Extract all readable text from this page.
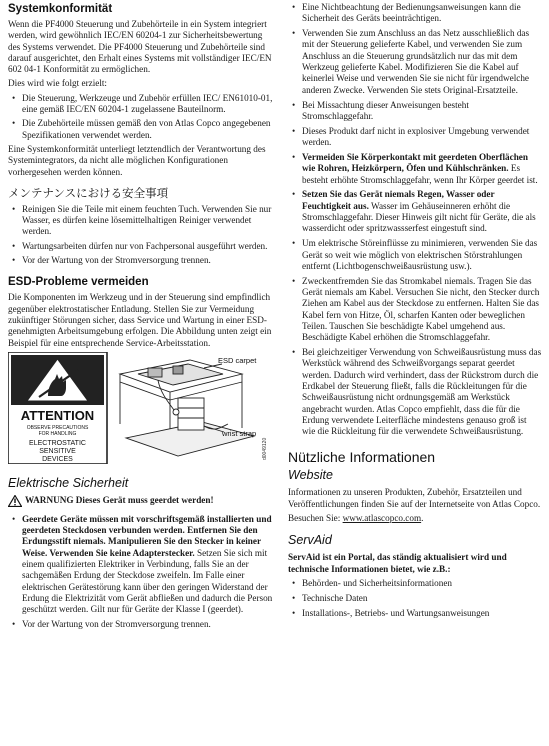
Systemkonformität

Wenn die PF4000 Steuerung und Zubehörteile in ein System integriert werden, wird gewöhnlich IEC/EN 60204-1 zur Sicherheitsbewertung des Systems verwendet. Die PF4000 Steuerung und Zubehörteile sind darauf ausgerichtet, den Erhalt eines Systems mit vollständiger IEC/EN 602 04-1 Konformität zu ermöglichen.

Dies wird wie folgt erzielt:

• Die Steuerung, Werkzeuge und Zubehör erfüllen IEC/ EN61010-01, eine gemäß IEC/EN 60204-1 zugelassene Bauteilnorm.
• Die Zubehörteile müssen gemäß den von Atlas Copco angegebenen Spezifikationen verwendet werden.

Eine Systemkonformität unterliegt letztendlich der Verantwortung des Systemintegrators, da nicht alle möglichen Konfigurationen vorhergesehen werden können.

メンテナンスにおける安全事項
• Reinigen Sie die Teile mit einem feuchten Tuch. Verwenden Sie nur Wasser, es dürfen keine lösemittelhaltigen Reiniger verwendet werden.
• Wartungsarbeiten dürfen nur von Fachpersonal ausgeführt werden.
• Vor der Wartung von der Stromversorgung trennen.
ESD-Probleme vermeiden

Die Komponenten im Werkzeug und in der Steuerung sind empfindlich gegenüber elektrostatischer Entladung. Stellen Sie zur Vermeidung zukünftiger Störungen sicher, dass Service und Wartung in einer ESD-genehmigten Arbeitsumgebung erfolgen. Die Abbildung unten zeigt ein Beispiel für eine entsprechende Service-Arbeitsstation.

ATTENTION
OBSERVE PRECAUTIONS
FOR HANDLING
ELECTROSTATIC
SENSITIVE
DEVICES
ESD carpet
wrist strap
d0049120
Elektrische Sicherheit
WARNUNG Dieses Gerät muss geerdet werden!
• Geerdete Geräte müssen mit vorschriftsgemäß installierten und geerdeten Steckdosen verbunden werden. Entfernen Sie den Erdungsstift niemals. Manipulieren Sie den Stecker in keiner Weise. Verwenden Sie keine Adapterstecker. Setzen Sie sich mit einem qualifizierten Elektriker in Verbindung, falls Sie an der sachgemäßen Erdung der Steckdose zweifeln. Im Falle einer elektrischen Gerätestörung kann über den geringen Widerstand der Erdung die Elektrizität vom Gerät abfließen und dadurch die Person geschützt werden. Gilt nur für Geräte der Klasse I (geerdet).
• Vor der Wartung von der Stromversorgung trennen.
• Eine Nichtbeachtung der Bedienungsanweisungen kann die Sicherheit des Geräts beeinträchtigen.
• Verwenden Sie zum Anschluss an das Netz ausschließlich das mit der Steuerung gelieferte Kabel, und verwenden Sie zum Anschluss an die Steuerung grundsätzlich nur das mit dem Werkzeug gelieferte Kabel. Modifizieren Sie die Kabel auf keinerlei Weise und verwenden Sie sie nicht für irgendwelche anderen Zwecke. Verwenden Sie stets Original-Ersatzteile.
• Bei Missachtung dieser Anweisungen besteht Stromschlaggefahr.
• Dieses Produkt darf nicht in explosiver Umgebung verwendet werden.
• Vermeiden Sie Körperkontakt mit geerdeten Oberflächen wie Rohren, Heizkörpern, Öfen und Kühlschränken. Es besteht erhöhte Stromschlaggefahr, wenn Ihr Körper geerdet ist.
• Setzen Sie das Gerät niemals Regen, Wasser oder Feuchtigkeit aus. Wasser im Gehäuseinneren erhöht die Stromschlaggefahr. Dieser Hinweis gilt nicht für Geräte, die als wasserdicht oder spritzwassserfest eingestuft sind.
• Um elektrische Störeinflüsse zu minimieren, verwenden Sie das Gerät so weit wie möglich von elektrischen Störstrahlungen entfernt (Lichtbogenschweißausrüstung usw.).
• Zweckentfremden Sie das Stromkabel niemals. Tragen Sie das Gerät niemals am Kabel. Versuchen Sie nicht, den Stecker durch Ziehen am Kabel aus der Steckdose zu entfernen. Halten Sie das Kabel fern von Hitze, Öl, scharfen Kanten oder beweglichen Teilen. Tauschen Sie beschädigte Kabel umgehend aus. Beschädigte Kabel erhöhen die Stromschlaggefahr.
• Bei gleichzeitiger Verwendung von Schweißausrüstung muss das Werkstück während des Schweißvorgangs separat geerdet werden. Dadurch wird verhindert, dass der Rückstrom durch die Erdkabel der Steuerung fließt, falls die Rückleitungen für die Schweißausrüstung nicht ordnungsgemäß am Werkstück angebracht wurden. Atlas Copco empfiehlt, dass die für die Erdung verwendete Leiterfläche mindestens genauso groß ist wie die Rückleitung für die verwendete Schweißausrüstung.
Nützliche Informationen
Website

Informationen zu unseren Produkten, Zubehör, Ersatzteilen und Veröffentlichungen finden Sie auf der Internetseite von Atlas Copco.

Besuchen Sie: www.atlascopco.com.

ServAid

ServAid ist ein Portal, das ständig aktualisiert wird und technische Informationen bietet, wie z.B.:

• Behörden- und Sicherheitsinformationen
• Technische Daten
• Installations-, Betriebs- und Wartungsanweisungen
